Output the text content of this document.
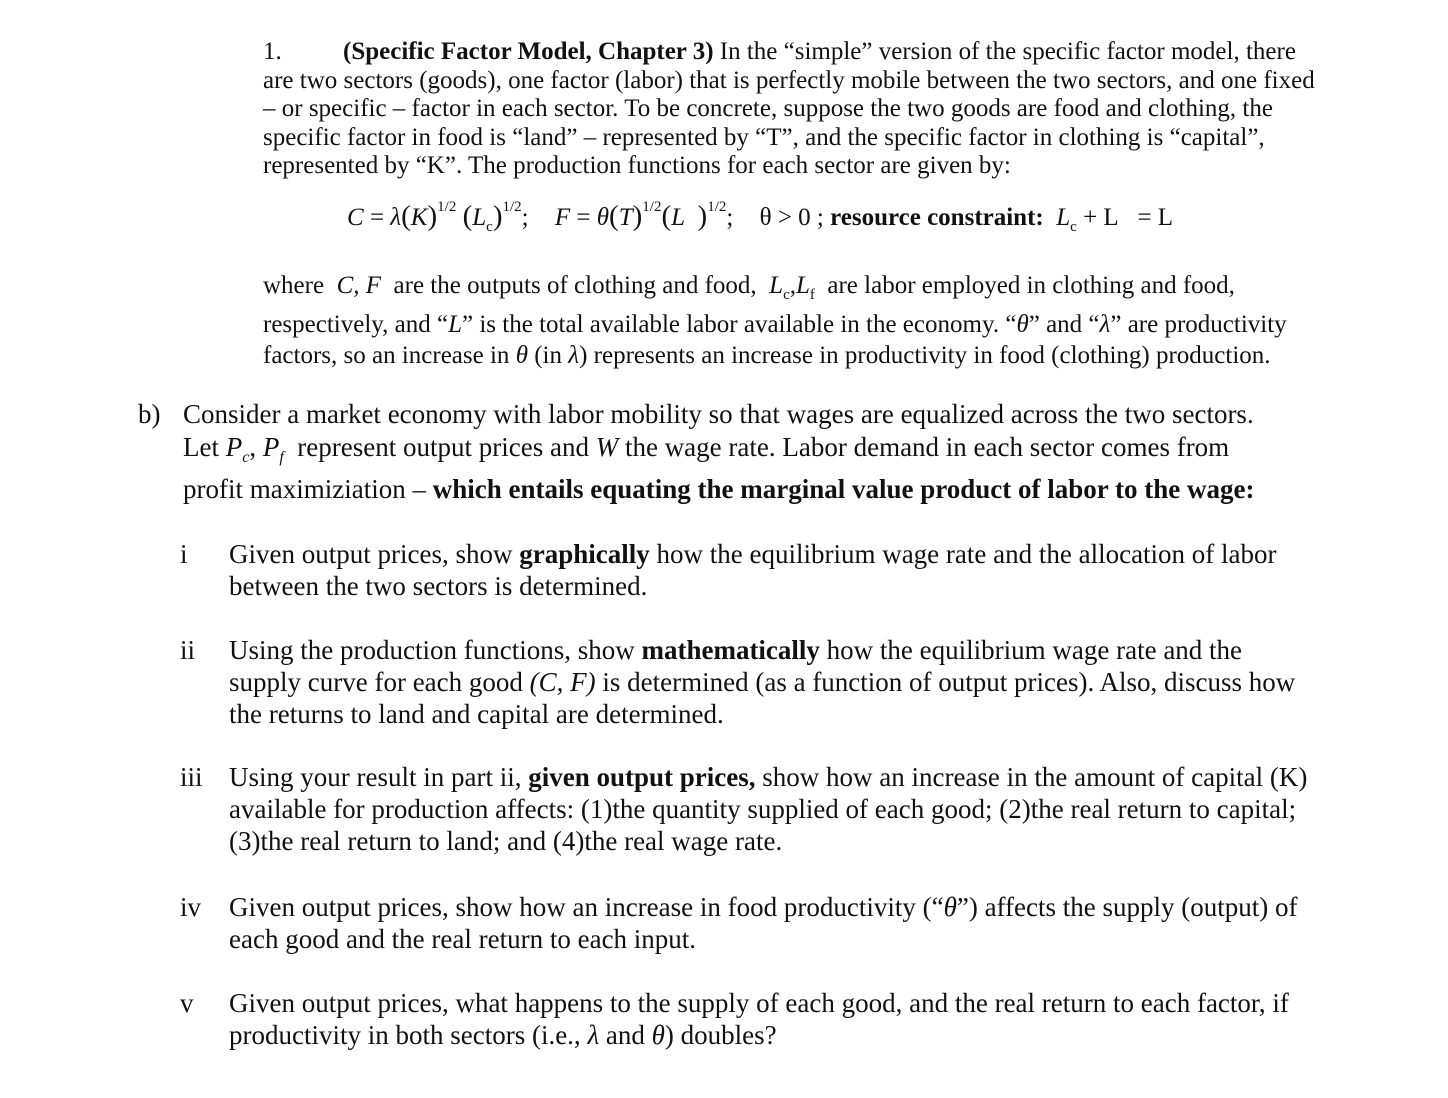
1. (Specific Factor Model, Chapter 3) In the “simple” version of the specific factor model, there are two sectors (goods), one factor (labor) that is perfectly mobile between the two sectors, and one fixed – or specific – factor in each sector. To be concrete, suppose the two goods are food and clothing, the specific factor in food is “land” – represented by “T”, and the specific factor in clothing is “capital”, represented by “K”. The production functions for each sector are given by:
$C = \lambda(K)^{1/2}$ $(L_c)^{1/2}$; $F = \theta(T)^{1/2}(L$ )$^{1/2}$; θ > 0 ; resource constraint: $L_c + L = L$
where C, F are the outputs of clothing and food, $L_c,L_f$ are labor employed in clothing and food,
respectively, and “L” is the total available labor available in the economy. “θ” and “λ” are productivity
factors, so an increase in θ (in λ) represents an increase in productivity in food (clothing) production.
b) Consider a market economy with labor mobility so that wages are equalized across the two sectors.
Let $P_c$, $P_f$ represent output prices and W the wage rate. Labor demand in each sector comes from
profit maximiziation – which entails equating the marginal value product of labor to the wage:
i	Given output prices, show graphically how the equilibrium wage rate and the allocation of labor between the two sectors is determined.
ii	Using the production functions, show mathematically how the equilibrium wage rate and the supply curve for each good (C, F) is determined (as a function of output prices). Also, discuss how the returns to land and capital are determined.
iii Using your result in part ii, given output prices, show how an increase in the amount of capital (K) available for production affects: (1)the quantity supplied of each good; (2)the real return to capital; (3)the real return to land; and (4)the real wage rate.
iv	Given output prices, show how an increase in food productivity (“θ”) affects the supply (output) of each good and the real return to each input.
v	Given output prices, what happens to the supply of each good, and the real return to each factor, if productivity in both sectors (i.e., λ and θ) doubles?
